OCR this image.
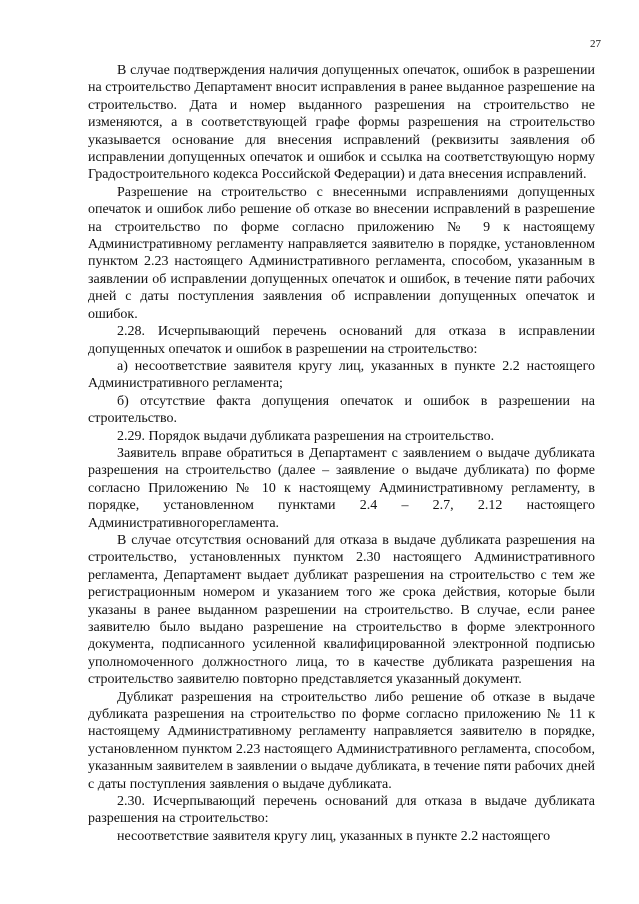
27

В случае подтверждения наличия допущенных опечаток, ошибок в разрешении на строительство Департамент вносит исправления в ранее выданное разрешение на строительство. Дата и номер выданного разрешения на строительство не изменяются, а в соответствующей графе формы разрешения на строительство указывается основание для внесения исправлений (реквизиты заявления об исправлении допущенных опечаток и ошибок и ссылка на соответствующую норму Градостроительного кодекса Российской Федерации) и дата внесения исправлений.

Разрешение на строительство с внесенными исправлениями допущенных опечаток и ошибок либо решение об отказе во внесении исправлений в разрешение на строительство по форме согласно приложению № 9 к настоящему Административному регламенту направляется заявителю в порядке, установленном пунктом 2.23 настоящего Административного регламента, способом, указанным в заявлении об исправлении допущенных опечаток и ошибок, в течение пяти рабочих дней с даты поступления заявления об исправлении допущенных опечаток и ошибок.

2.28. Исчерпывающий перечень оснований для отказа в исправлении допущенных опечаток и ошибок в разрешении на строительство:

а) несоответствие заявителя кругу лиц, указанных в пункте 2.2 настоящего Административного регламента;

б) отсутствие факта допущения опечаток и ошибок в разрешении на строительство.

2.29. Порядок выдачи дубликата разрешения на строительство.

Заявитель вправе обратиться в Департамент с заявлением о выдаче дубликата разрешения на строительство (далее – заявление о выдаче дубликата) по форме согласно Приложению № 10 к настоящему Административному регламенту, в порядке, установленном пунктами 2.4 – 2.7, 2.12 настоящего Административногорегламента.

В случае отсутствия оснований для отказа в выдаче дубликата разрешения на строительство, установленных пунктом 2.30 настоящего Административного регламента, Департамент выдает дубликат разрешения на строительство с тем же регистрационным номером и указанием того же срока действия, которые были указаны в ранее выданном разрешении на строительство. В случае, если ранее заявителю было выдано разрешение на строительство в форме электронного документа, подписанного усиленной квалифицированной электронной подписью уполномоченного должностного лица, то в качестве дубликата разрешения на строительство заявителю повторно представляется указанный документ.

Дубликат разрешения на строительство либо решение об отказе в выдаче дубликата разрешения на строительство по форме согласно приложению № 11 к настоящему Административному регламенту направляется заявителю в порядке, установленном пунктом 2.23 настоящего Административного регламента, способом, указанным заявителем в заявлении о выдаче дубликата, в течение пяти рабочих дней с даты поступления заявления о выдаче дубликата.

2.30. Исчерпывающий перечень оснований для отказа в выдаче дубликата разрешения на строительство:

несоответствие заявителя кругу лиц, указанных в пункте 2.2 настоящего
